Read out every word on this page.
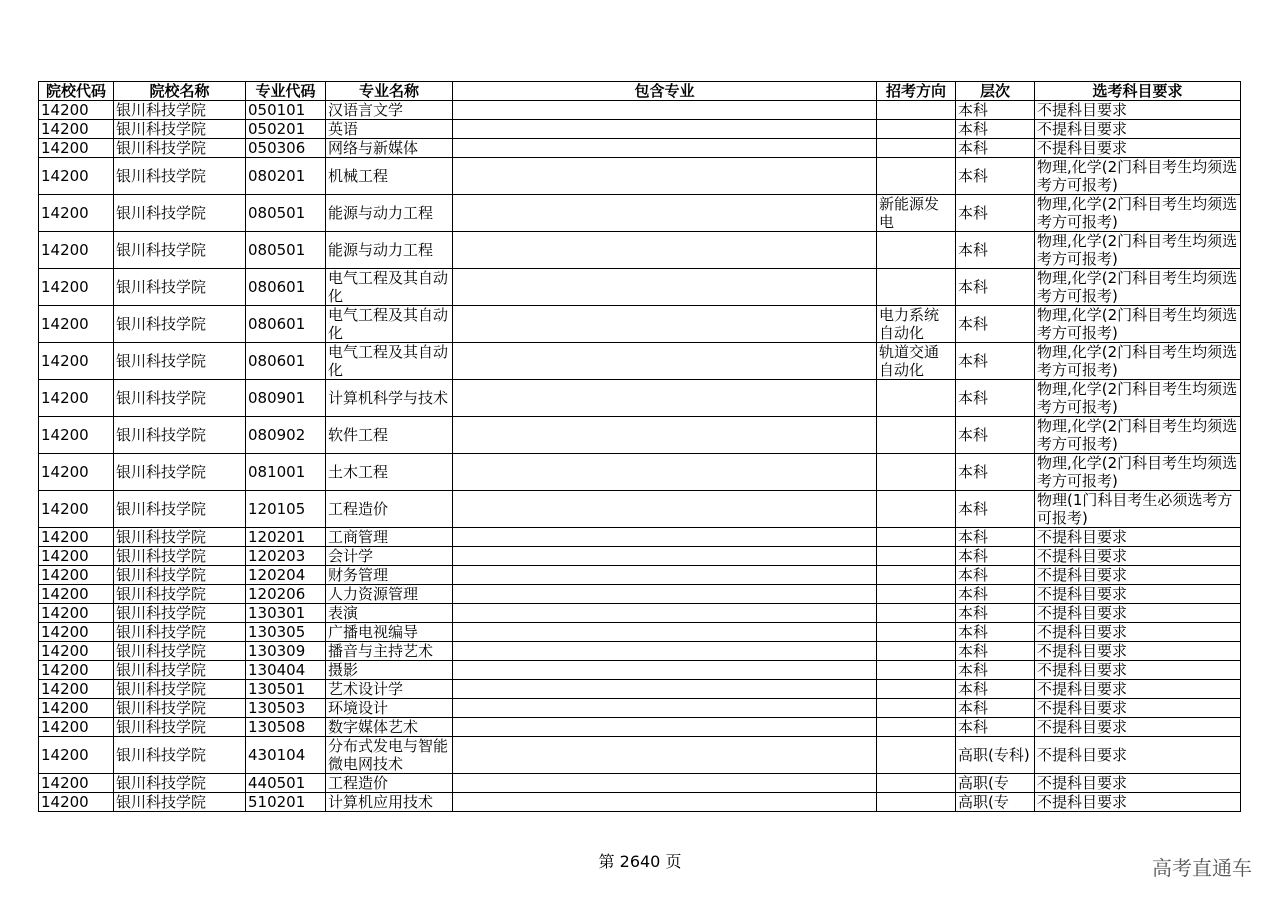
院校代码	院校名称	专业代码	专业名称	包含专业	招考方向	层次	选考科目要求
14200	银川科技学院	050101	汉语言文学			本科	不提科目要求
14200	银川科技学院	050201	英语			本科	不提科目要求
14200	银川科技学院	050306	网络与新媒体			本科	不提科目要求
14200	银川科技学院	080201	机械工程			本科	物理,化学(2门科目考生均须选考方可报考)
14200	银川科技学院	080501	能源与动力工程		新能源发电	本科	物理,化学(2门科目考生均须选考方可报考)
14200	银川科技学院	080501	能源与动力工程			本科	物理,化学(2门科目考生均须选考方可报考)
14200	银川科技学院	080601	电气工程及其自动化			本科	物理,化学(2门科目考生均须选考方可报考)
14200	银川科技学院	080601	电气工程及其自动化		电力系统自动化	本科	物理,化学(2门科目考生均须选考方可报考)
14200	银川科技学院	080601	电气工程及其自动化		轨道交通自动化	本科	物理,化学(2门科目考生均须选考方可报考)
14200	银川科技学院	080901	计算机科学与技术			本科	物理,化学(2门科目考生均须选考方可报考)
14200	银川科技学院	080902	软件工程			本科	物理,化学(2门科目考生均须选考方可报考)
14200	银川科技学院	081001	土木工程			本科	物理,化学(2门科目考生均须选考方可报考)
14200	银川科技学院	120105	工程造价			本科	物理(1门科目考生必须选考方可报考)
14200	银川科技学院	120201	工商管理			本科	不提科目要求
14200	银川科技学院	120203	会计学			本科	不提科目要求
14200	银川科技学院	120204	财务管理			本科	不提科目要求
14200	银川科技学院	120206	人力资源管理			本科	不提科目要求
14200	银川科技学院	130301	表演			本科	不提科目要求
14200	银川科技学院	130305	广播电视编导			本科	不提科目要求
14200	银川科技学院	130309	播音与主持艺术			本科	不提科目要求
14200	银川科技学院	130404	摄影			本科	不提科目要求
14200	银川科技学院	130501	艺术设计学			本科	不提科目要求
14200	银川科技学院	130503	环境设计			本科	不提科目要求
14200	银川科技学院	130508	数字媒体艺术			本科	不提科目要求
14200	银川科技学院	430104	分布式发电与智能微电网技术			高职(专科)	不提科目要求
14200	银川科技学院	440501	工程造价			高职(专	不提科目要求
14200	银川科技学院	510201	计算机应用技术			高职(专	不提科目要求
第 2640 页	高考直通车
